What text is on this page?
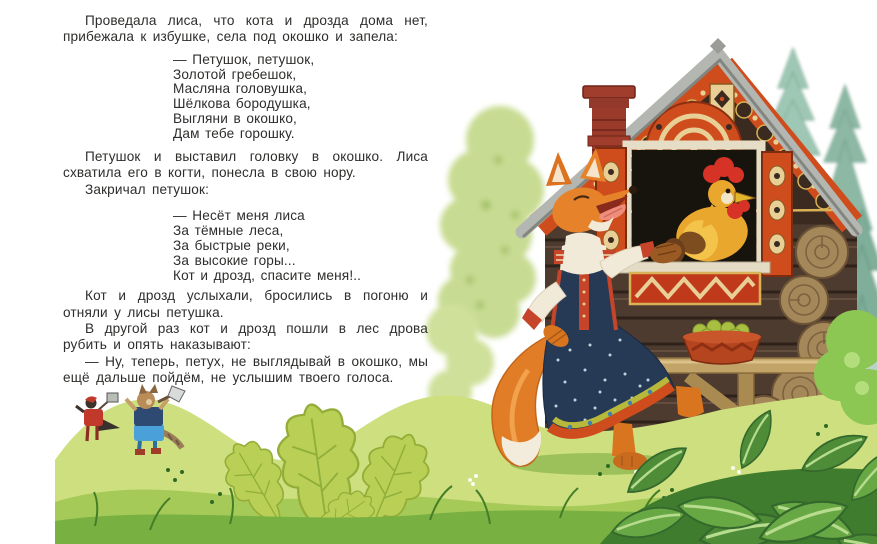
Проведала лиса, что кота и дрозда дома нет, прибежала к избушке, села под окошко и запела:

— Петушок, петушок,
Золотой гребешок,
Масляна головушка,
Шёлкова бородушка,
Выгляни в окошко,
Дам тебе горошку.

Петушок и выставил головку в окошко. Лиса схватила его в когти, понесла в свою нору.

Закричал петушок:

— Несёт меня лиса
За тёмные леса,
За быстрые реки,
За высокие горы...
Кот и дрозд, спасите меня!..

Кот и дрозд услыхали, бросились в погоню и отняли у лисы петушка.

В другой раз кот и дрозд пошли в лес дрова рубить и опять наказывают:

— Ну, теперь, петух, не выглядывай в окошко, мы ещё дальше пойдём, не услышим твоего голоса.
